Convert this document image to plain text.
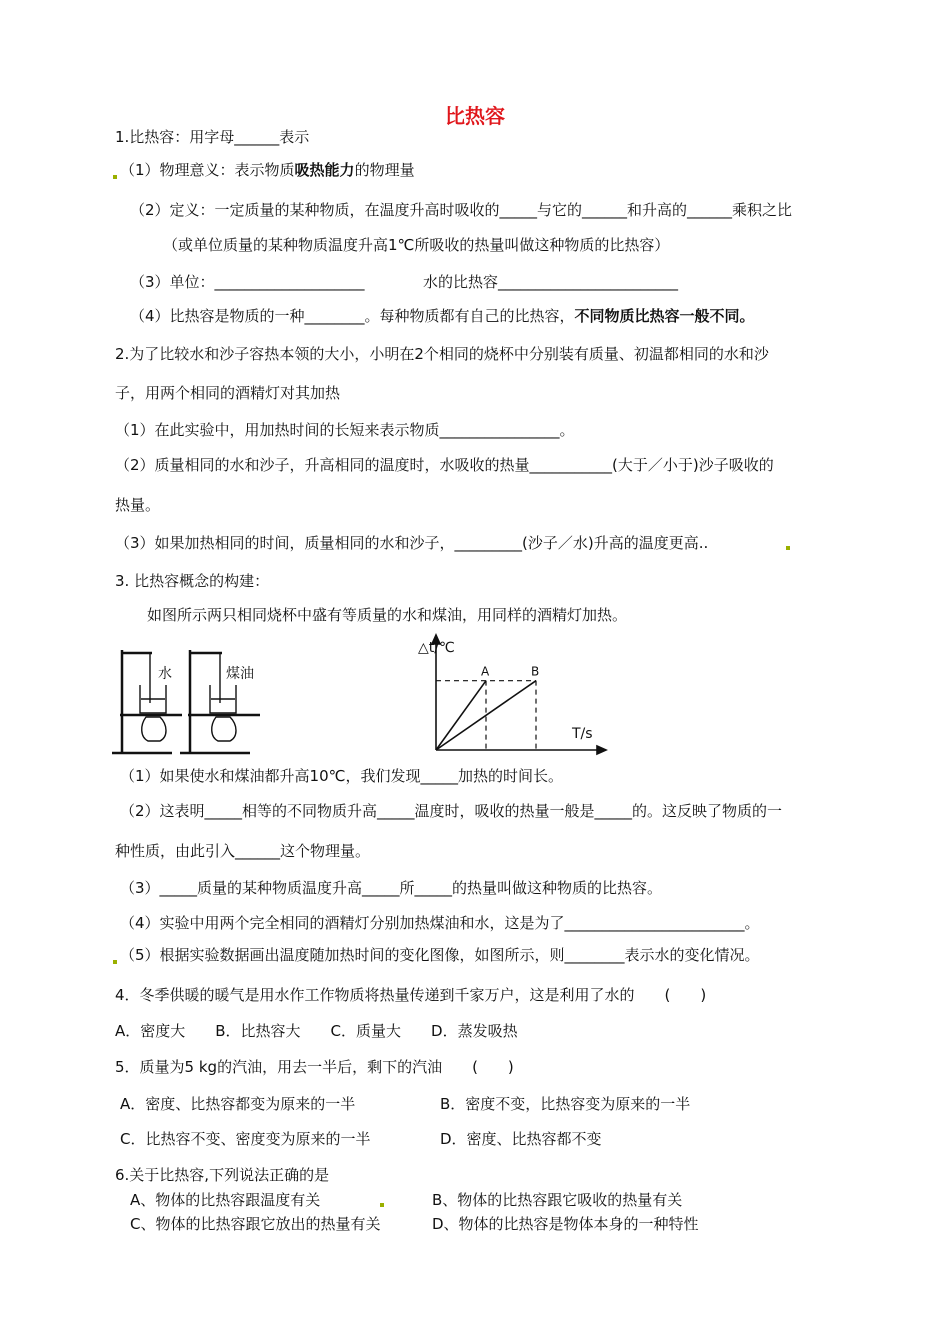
比热容
1.比热容：用字母______表示
（1）物理意义：表示物质吸热能力的物理量
（2）定义：一定质量的某种物质，在温度升高时吸收的_____与它的______和升高的______乘积之比
（或单位质量的某种物质温度升高1℃所吸收的热量叫做这种物质的比热容）
（3）单位：____________________	水的比热容________________________
（4）比热容是物质的一种________。每种物质都有自己的比热容，不同物质比热容一般不同。
2.为了比较水和沙子容热本领的大小，小明在2个相同的烧杯中分别装有质量、初温都相同的水和沙
子，用两个相同的酒精灯对其加热
（1）在此实验中，用加热时间的长短来表示物质________________。
（2）质量相同的水和沙子，升高相同的温度时，水吸收的热量___________(大于／小于)沙子吸收的
热量。
（3）如果加热相同的时间，质量相同的水和沙子，_________(沙子／水)升高的温度更高..
3. 比热容概念的构建：
如图所示两只相同烧杯中盛有等质量的水和煤油，用同样的酒精灯加热。
水	煤油
△t/℃
T/s
A	B
（1）如果使水和煤油都升高10℃，我们发现_____加热的时间长。
（2）这表明_____相等的不同物质升高_____温度时，吸收的热量一般是_____的。这反映了物质的一
种性质，由此引入______这个物理量。
（3）_____质量的某种物质温度升高_____所_____的热量叫做这种物质的比热容。
（4）实验中用两个完全相同的酒精灯分别加热煤油和水，这是为了________________________。
（5）根据实验数据画出温度随加热时间的变化图像，如图所示，则________表示水的变化情况。
4．冬季供暖的暖气是用水作工作物质将热量传递到千家万户，这是利用了水的　　(　　)
A．密度大　　B．比热容大　　C．质量大　　D．蒸发吸热
5．质量为5 kg的汽油，用去一半后，剩下的汽油　　(　　)
A．密度、比热容都变为原来的一半	B．密度不变，比热容变为原来的一半
C．比热容不变、密度变为原来的一半	D．密度、比热容都不变
6.关于比热容,下列说法正确的是
A、物体的比热容跟温度有关	B、物体的比热容跟它吸收的热量有关
C、物体的比热容跟它放出的热量有关	D、物体的比热容是物体本身的一种特性
